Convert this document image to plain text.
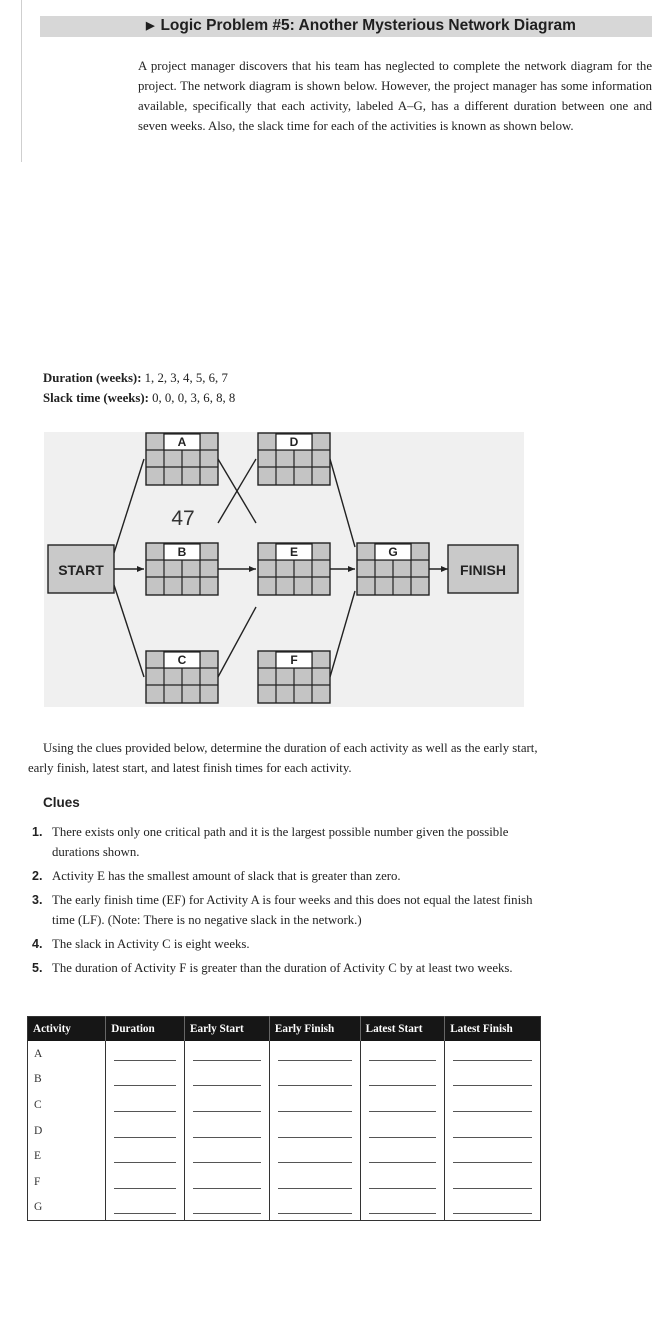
▶ Logic Problem #5: Another Mysterious Network Diagram

A project manager discovers that his team has neglected to complete the network diagram for the project. The network diagram is shown below. However, the project manager has some information available, specifically that each activity, labeled A–G, has a different duration between one and seven weeks. Also, the slack time for each of the activities is known as shown below.

Duration (weeks): 1, 2, 3, 4, 5, 6, 7
Slack time (weeks): 0, 0, 0, 3, 6, 8, 8
START	FINISH
47
A
B
C
D
E
F
G

Using the clues provided below, determine the duration of each activity as well as the early start, early finish, latest start, and latest finish times for each activity.

Clues
1. There exists only one critical path and it is the largest possible number given the possible durations shown.
2. Activity E has the smallest amount of slack that is greater than zero.
3. The early finish time (EF) for Activity A is four weeks and this does not equal the latest finish time (LF). (Note: There is no negative slack in the network.)
4. The slack in Activity C is eight weeks.
5. The duration of Activity F is greater than the duration of Activity C by at least two weeks.
Activity	Duration	Early Start	Early Finish	Latest Start	Latest Finish
A	

B	

C	

D	

E	

F	

G	
